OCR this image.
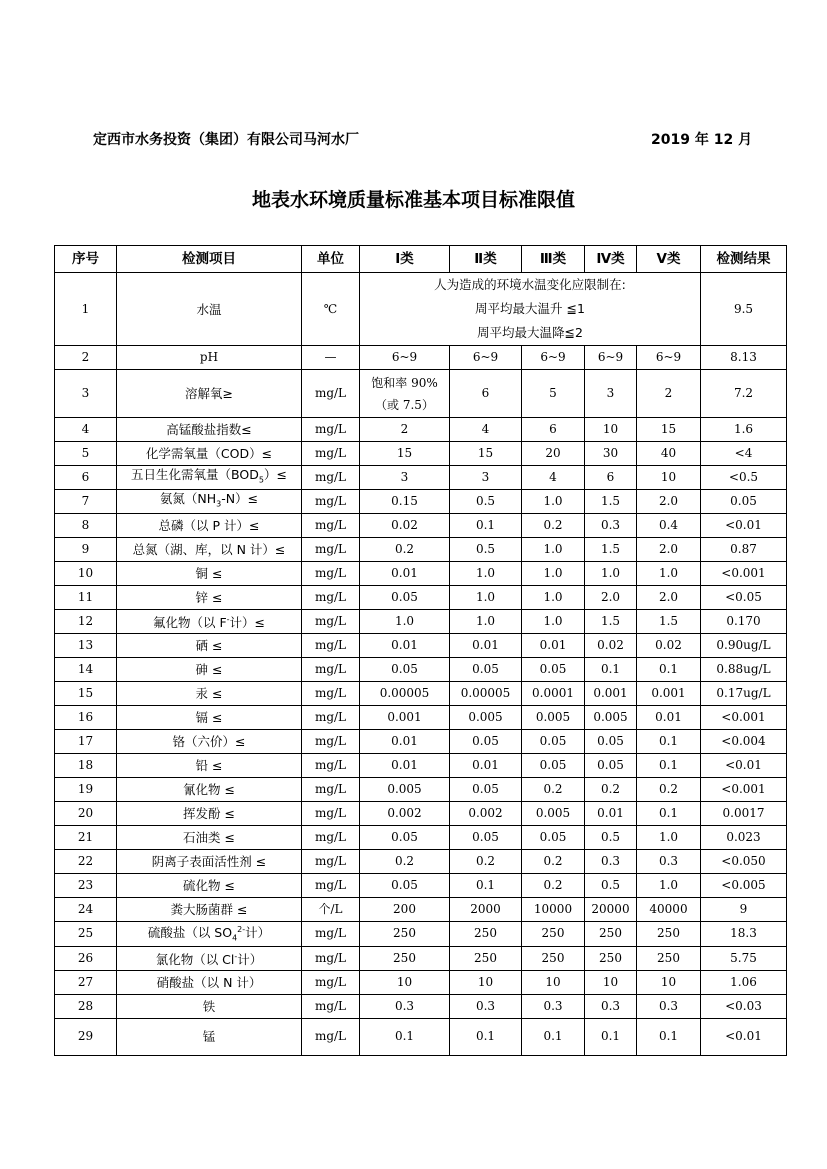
定西市水务投资（集团）有限公司马河水厂	2019 年 12 月
地表水环境质量标准基本项目标准限值
序号	检测项目	单位	Ⅰ类	Ⅱ类	Ⅲ类	Ⅳ类	Ⅴ类	检测结果
1	水温	℃	人为造成的环境水温变化应限制在:
周平均最大温升 ≦1
周平均最大温降≦2					9.5
2	pH	—	6~9	6~9	6~9	6~9	6~9	8.13
3	溶解氧≥	mg/L	饱和率 90%
（或 7.5）	6	5	3	2	7.2
4	高锰酸盐指数≤	mg/L	2	4	6	10	15	1.6
5	化学需氧量（COD）≤	mg/L	15	15	20	30	40	<4
6	五日生化需氧量$(BOD_5)\le$	mg/L	3	3	4	6	10	<0.5
7	氨氮$(NH_3-N)\le$	mg/L	0.15	0.5	1.0	1.5	2.0	0.05
8	总磷（以 P 计）≤	mg/L	0.02	0.1	0.2	0.3	0.4	<0.01
9	总氮（湖、库，以 N 计）≤	mg/L	0.2	0.5	1.0	1.5	2.0	0.87
10	铜 ≤	mg/L	0.01	1.0	1.0	1.0	1.0	<0.001
11	锌 ≤	mg/L	0.05	1.0	1.0	2.0	2.0	<0.05
12	氟化物（以 F-计）≤	mg/L	1.0	1.0	1.0	1.5	1.5	0.170
13	硒 ≤	mg/L	0.01	0.01	0.01	0.02	0.02	0.90ug/L
14	砷 ≤	mg/L	0.05	0.05	0.05	0.1	0.1	0.88ug/L
15	汞 ≤	mg/L	0.00005	0.00005	0.0001	0.001	0.001	0.17ug/L
16	镉 ≤	mg/L	0.001	0.005	0.005	0.005	0.01	<0.001
17	铬（六价）≤	mg/L	0.01	0.05	0.05	0.05	0.1	<0.004
18	铅 ≤	mg/L	0.01	0.01	0.05	0.05	0.1	<0.01
19	氰化物 ≤	mg/L	0.005	0.05	0.2	0.2	0.2	<0.001
20	挥发酚 ≤	mg/L	0.002	0.002	0.005	0.01	0.1	0.0017
21	石油类 ≤	mg/L	0.05	0.05	0.05	0.5	1.0	0.023
22	阴离子表面活性剂 ≤	mg/L	0.2	0.2	0.2	0.3	0.3	<0.050
23	硫化物 ≤	mg/L	0.05	0.1	0.2	0.5	1.0	<0.005
24	粪大肠菌群 ≤	个/L	200	2000	10000	20000	40000	9
25	硫酸盐（以 $SO_4^{2-}$计）	mg/L	250	250	250	250	250	18.3
26	氯化物（以 Cl-计）	mg/L	250	250	250	250	250	5.75
27	硝酸盐（以 N 计）	mg/L	10	10	10	10	10	1.06
28	铁	mg/L	0.3	0.3	0.3	0.3	0.3	<0.03
29	锰	mg/L	0.1	0.1	0.1	0.1	0.1	<0.01
